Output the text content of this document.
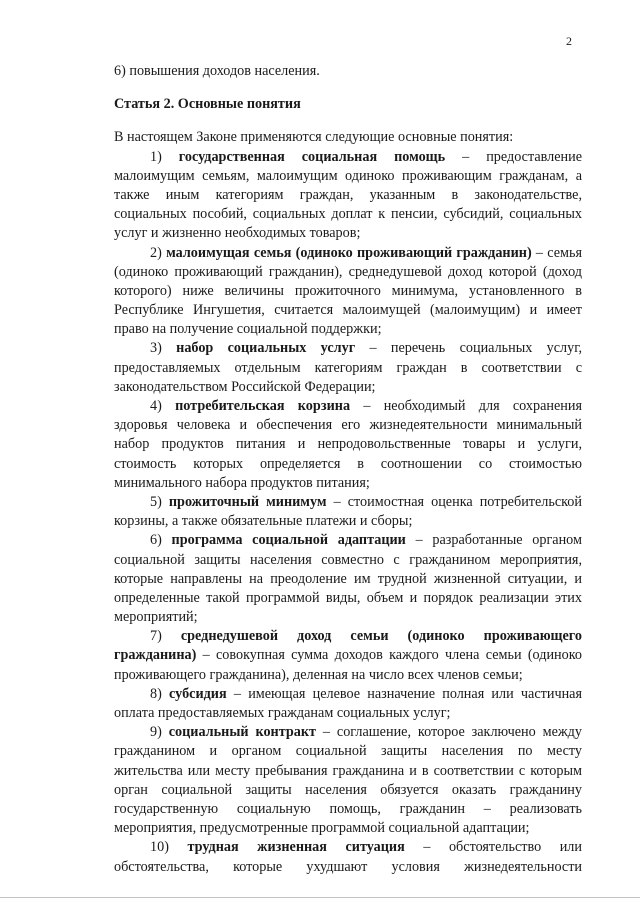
2
6) повышения доходов населения.
Статья 2. Основные понятия
В настоящем Законе применяются следующие основные понятия:
1) государственная социальная помощь – предоставление
малоимущим семьям, малоимущим одиноко проживающим гражданам, а
также иным категориям граждан, указанным в законодательстве,
социальных пособий, социальных доплат к пенсии, субсидий, социальных
услуг и жизненно необходимых товаров;
2) малоимущая семья (одиноко проживающий гражданин) – семья
(одиноко проживающий гражданин), среднедушевой доход которой (доход
которого) ниже величины прожиточного минимума, установленного в
Республике Ингушетия, считается малоимущей (малоимущим) и имеет
право на получение социальной поддержки;
3) набор социальных услуг – перечень социальных услуг,
предоставляемых отдельным категориям граждан в соответствии с
законодательством Российской Федерации;
4) потребительская корзина – необходимый для сохранения
здоровья человека и обеспечения его жизнедеятельности минимальный
набор продуктов питания и непродовольственные товары и услуги,
стоимость которых определяется в соотношении со стоимостью
минимального набора продуктов питания;
5) прожиточный минимум – стоимостная оценка потребительской
корзины, а также обязательные платежи и сборы;
6) программа социальной адаптации – разработанные органом
социальной защиты населения совместно с гражданином мероприятия,
которые направлены на преодоление им трудной жизненной ситуации, и
определенные такой программой виды, объем и порядок реализации этих
мероприятий;
7) среднедушевой доход семьи (одиноко проживающего
гражданина) – совокупная сумма доходов каждого члена семьи (одиноко
проживающего гражданина), деленная на число всех членов семьи;
8) субсидия – имеющая целевое назначение полная или частичная
оплата предоставляемых гражданам социальных услуг;
9) социальный контракт – соглашение, которое заключено между
гражданином и органом социальной защиты населения по месту
жительства или месту пребывания гражданина и в соответствии с которым
орган социальной защиты населения обязуется оказать гражданину
государственную социальную помощь, гражданин – реализовать
мероприятия, предусмотренные программой социальной адаптации;
10) трудная жизненная ситуация – обстоятельство или
обстоятельства, которые ухудшают условия жизнедеятельности
